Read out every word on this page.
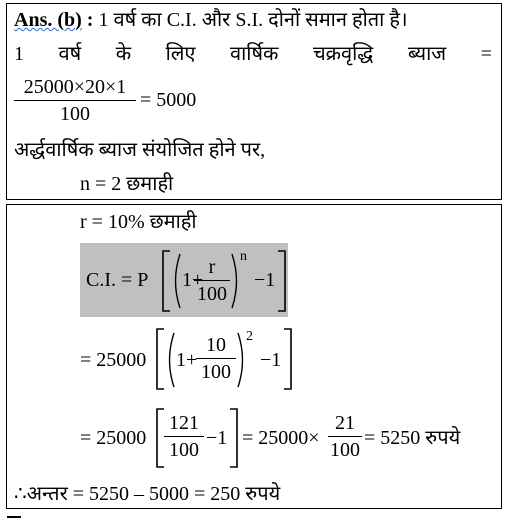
Ans. (b) : 1 वर्ष का C.I. और S.I. दोनों समान होता है।
1 वर्ष के लिए वार्षिक चक्रवृद्धि ब्याज =
25000×20×1
100
= 5000
अर्द्धवार्षिक ब्याज संयोजित होने पर,
n = 2 छमाही
r = 10% छमाही
C.I. = P 1+
r
100
n
−1
= 25000 1+
10
100
2
−1
= 25000
121
100
−1 = 25000×
21
100
= 5250 रुपये
∴अन्तर = 5250 – 5000 = 250 रुपये
